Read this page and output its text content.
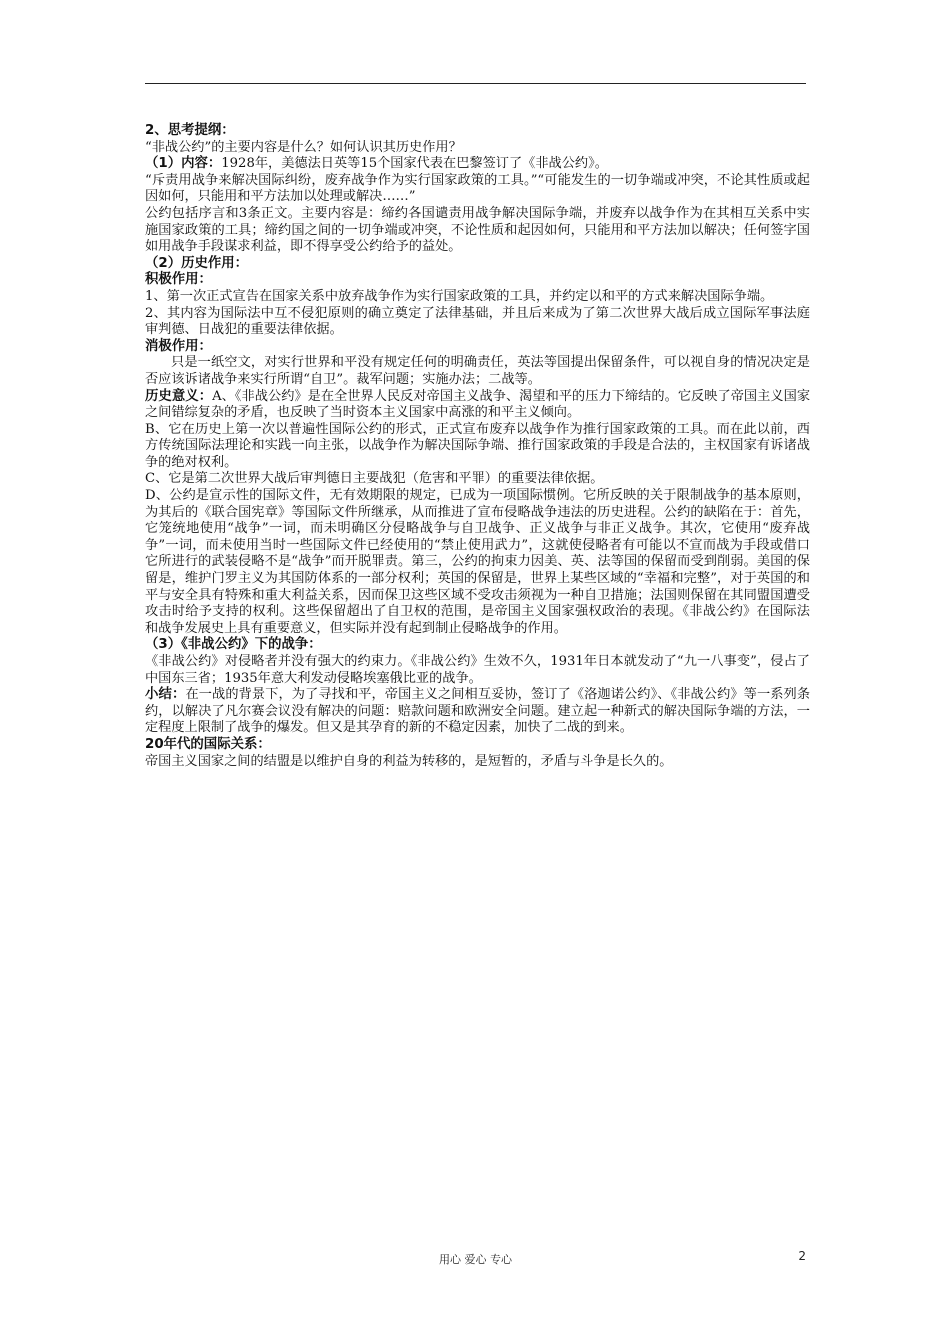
2、思考提纲：

“非战公约”的主要内容是什么？如何认识其历史作用？

（1）内容：1928年，美德法日英等15个国家代表在巴黎签订了《非战公约》。

“斥责用战争来解决国际纠纷，废弃战争作为实行国家政策的工具。”“可能发生的一切争端或冲突，不论其性质或起因如何，只能用和平方法加以处理或解决……”

公约包括序言和3条正文。主要内容是：缔约各国谴责用战争解决国际争端，并废弃以战争作为在其相互关系中实施国家政策的工具；缔约国之间的一切争端或冲突，不论性质和起因如何，只能用和平方法加以解决；任何签字国如用战争手段谋求利益，即不得享受公约给予的益处。

（2）历史作用：

积极作用：

1、第一次正式宣告在国家关系中放弃战争作为实行国家政策的工具，并约定以和平的方式来解决国际争端。

2、其内容为国际法中互不侵犯原则的确立奠定了法律基础，并且后来成为了第二次世界大战后成立国际军事法庭审判德、日战犯的重要法律依据。

消极作用：

只是一纸空文，对实行世界和平没有规定任何的明确责任，英法等国提出保留条件，可以视自身的情况决定是否应该诉诸战争来实行所谓“自卫”。裁军问题；实施办法；二战等。

历史意义：A、《非战公约》是在全世界人民反对帝国主义战争、渴望和平的压力下缔结的。它反映了帝国主义国家之间错综复杂的矛盾，也反映了当时资本主义国家中高涨的和平主义倾向。

B、它在历史上第一次以普遍性国际公约的形式，正式宣布废弃以战争作为推行国家政策的工具。而在此以前，西方传统国际法理论和实践一向主张，以战争作为解决国际争端、推行国家政策的手段是合法的，主权国家有诉诸战争的绝对权利。

C、它是第二次世界大战后审判德日主要战犯（危害和平罪）的重要法律依据。

D、公约是宣示性的国际文件，无有效期限的规定，已成为一项国际惯例。它所反映的关于限制战争的基本原则，为其后的《联合国宪章》等国际文件所继承，从而推进了宣布侵略战争违法的历史进程。公约的缺陷在于：首先，它笼统地使用“战争”一词，而未明确区分侵略战争与自卫战争、正义战争与非正义战争。其次，它使用“废弃战争”一词，而未使用当时一些国际文件已经使用的“禁止使用武力”，这就使侵略者有可能以不宣而战为手段或借口它所进行的武装侵略不是“战争”而开脱罪责。第三，公约的拘束力因美、英、法等国的保留而受到削弱。美国的保留是，维护门罗主义为其国防体系的一部分权利；英国的保留是，世界上某些区域的“幸福和完整”，对于英国的和平与安全具有特殊和重大利益关系，因而保卫这些区域不受攻击须视为一种自卫措施；法国则保留在其同盟国遭受攻击时给予支持的权利。这些保留超出了自卫权的范围，是帝国主义国家强权政治的表现。《非战公约》在国际法和战争发展史上具有重要意义，但实际并没有起到制止侵略战争的作用。

（3）《非战公约》下的战争：

《非战公约》对侵略者并没有强大的约束力。《非战公约》生效不久，1931年日本就发动了“九一八事变”，侵占了中国东三省；1935年意大利发动侵略埃塞俄比亚的战争。

小结：在一战的背景下，为了寻找和平，帝国主义之间相互妥协，签订了《洛迦诺公约》、《非战公约》等一系列条约，以解决了凡尔赛会议没有解决的问题：赔款问题和欧洲安全问题。建立起一种新式的解决国际争端的方法，一定程度上限制了战争的爆发。但又是其孕育的新的不稳定因素，加快了二战的到来。

20年代的国际关系：

帝国主义国家之间的结盟是以维护自身的利益为转移的，是短暂的，矛盾与斗争是长久的。

用心 爱心 专心	2
